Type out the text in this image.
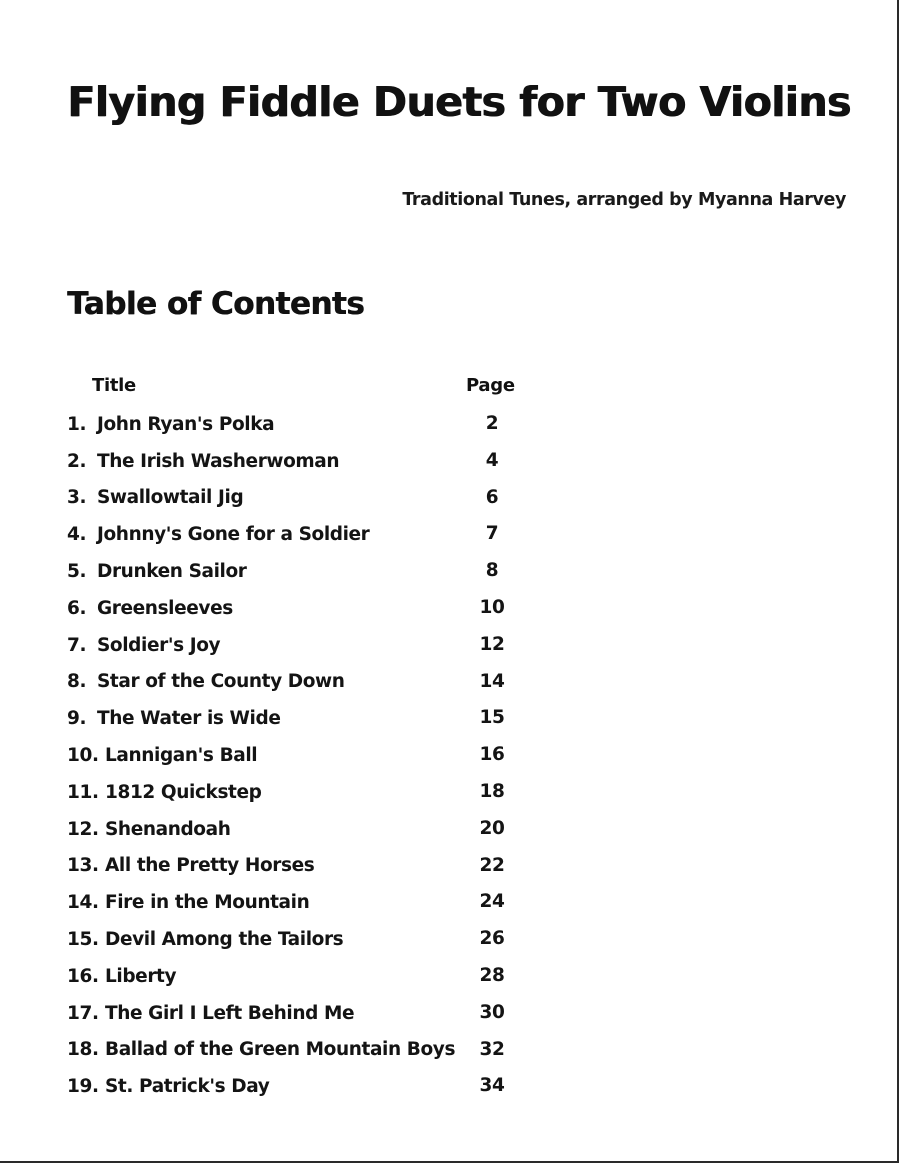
Flying Fiddle Duets for Two Violins

Traditional Tunes, arranged by Myanna Harvey

Table of Contents
Title	Page
1. John Ryan's Polka	2
2. The Irish Washerwoman	4
3. Swallowtail Jig	6
4. Johnny's Gone for a Soldier	7
5. Drunken Sailor	8
6. Greensleeves	10
7. Soldier's Joy	12
8. Star of the County Down	14
9. The Water is Wide	15
10. Lannigan's Ball	16
11. 1812 Quickstep	18
12. Shenandoah	20
13. All the Pretty Horses	22
14. Fire in the Mountain	24
15. Devil Among the Tailors	26
16. Liberty	28
17. The Girl I Left Behind Me	30
18. Ballad of the Green Mountain Boys	32
19. St. Patrick's Day	34
